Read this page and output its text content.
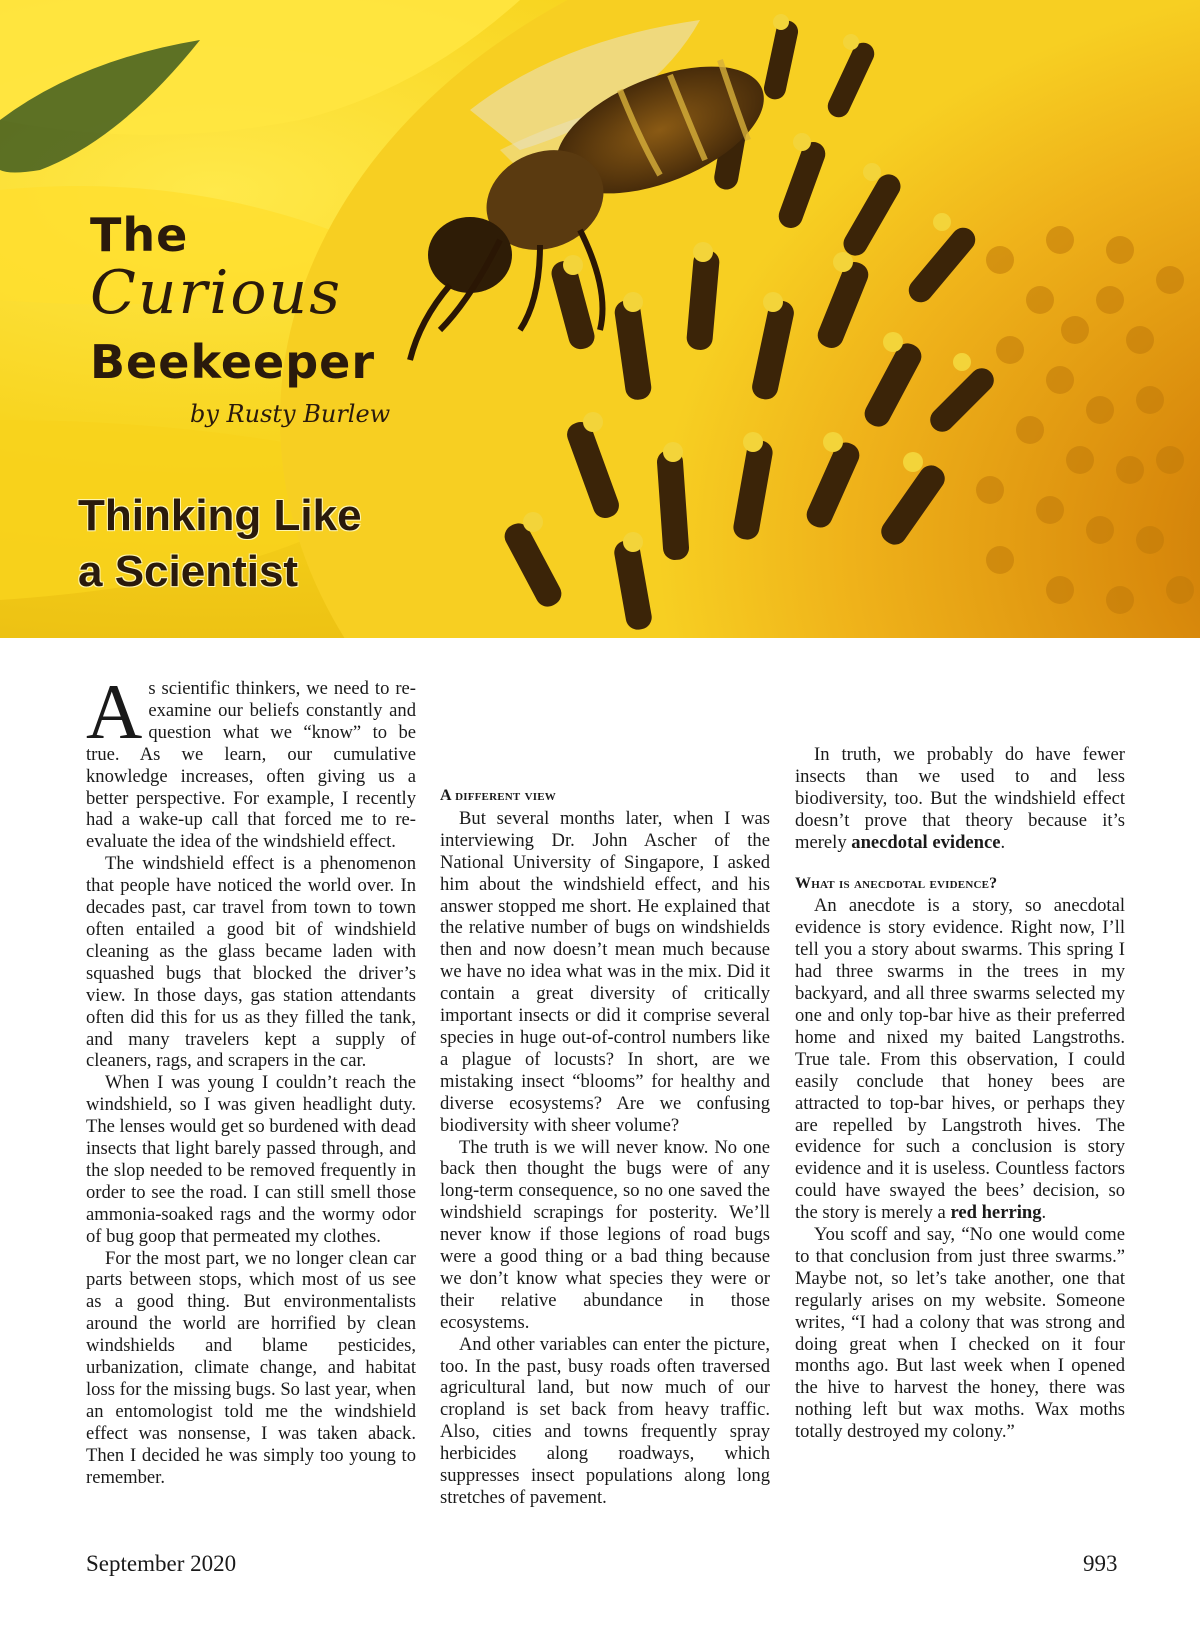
The
Curious
Beekeeper
by Rusty Burlew
Thinking Like
a Scientist

As scientific thinkers, we need to re-examine our beliefs constantly and question what we “know” to be true. As we learn, our cumulative knowledge increases, often giving us a better perspective. For example, I recently had a wake-up call that forced me to re-evaluate the idea of the windshield effect.

The windshield effect is a phenomenon that people have noticed the world over. In decades past, car travel from town to town often entailed a good bit of windshield cleaning as the glass became laden with squashed bugs that blocked the driver’s view. In those days, gas station attendants often did this for us as they filled the tank, and many travelers kept a supply of cleaners, rags, and scrapers in the car.

When I was young I couldn’t reach the windshield, so I was given headlight duty. The lenses would get so burdened with dead insects that light barely passed through, and the slop needed to be removed frequently in order to see the road. I can still smell those ammonia-soaked rags and the wormy odor of bug goop that permeated my clothes.

For the most part, we no longer clean car parts between stops, which most of us see as a good thing. But environmentalists around the world are horrified by clean windshields and blame pesticides, urbanization, climate change, and habitat loss for the missing bugs. So last year, when an entomologist told me the windshield effect was nonsense, I was taken aback. Then I decided he was simply too young to remember.

A different view

But several months later, when I was interviewing Dr. John Ascher of the National University of Singapore, I asked him about the windshield effect, and his answer stopped me short. He explained that the relative number of bugs on windshields then and now doesn’t mean much because we have no idea what was in the mix. Did it contain a great diversity of critically important insects or did it comprise several species in huge out-of-control numbers like a plague of locusts? In short, are we mistaking insect “blooms” for healthy and diverse ecosystems? Are we confusing biodiversity with sheer volume?

The truth is we will never know. No one back then thought the bugs were of any long-term consequence, so no one saved the windshield scrapings for posterity. We’ll never know if those legions of road bugs were a good thing or a bad thing because we don’t know what species they were or their relative abundance in those ecosystems.

And other variables can enter the picture, too. In the past, busy roads often traversed agricultural land, but now much of our cropland is set back from heavy traffic. Also, cities and towns frequently spray herbicides along roadways, which suppresses insect populations along long stretches of pavement.

In truth, we probably do have fewer insects than we used to and less biodiversity, too. But the windshield effect doesn’t prove that theory because it’s merely anecdotal evidence.

What is anecdotal evidence?

An anecdote is a story, so anecdotal evidence is story evidence. Right now, I’ll tell you a story about swarms. This spring I had three swarms in the trees in my backyard, and all three swarms selected my one and only top-bar hive as their preferred home and nixed my baited Langstroths. True tale. From this observation, I could easily conclude that honey bees are attracted to top-bar hives, or perhaps they are repelled by Langstroth hives. The evidence for such a conclusion is story evidence and it is useless. Countless factors could have swayed the bees’ decision, so the story is merely a red herring.

You scoff and say, “No one would come to that conclusion from just three swarms.” Maybe not, so let’s take another, one that regularly arises on my website. Someone writes, “I had a colony that was strong and doing great when I checked on it four months ago. But last week when I opened the hive to harvest the honey, there was nothing left but wax moths. Wax moths totally destroyed my colony.”

September 2020	993
